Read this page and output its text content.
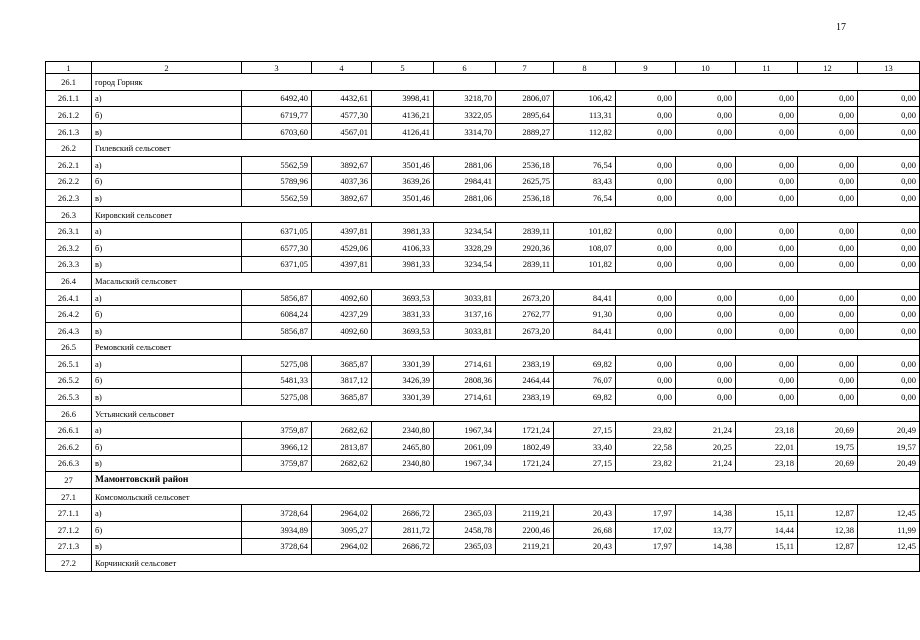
17
1	2	3	4	5	6	7	8	9	10	11	12	13
26.1	город Горняк											
26.1.1	а)	6492,40	4432,61	3998,41	3218,70	2806,07	106,42	0,00	0,00	0,00	0,00	0,00
26.1.2	б)	6719,77	4577,30	4136,21	3322,05	2895,64	113,31	0,00	0,00	0,00	0,00	0,00
26.1.3	в)	6703,60	4567,01	4126,41	3314,70	2889,27	112,82	0,00	0,00	0,00	0,00	0,00
26.2	Гилевский сельсовет											
26.2.1	а)	5562,59	3892,67	3501,46	2881,06	2536,18	76,54	0,00	0,00	0,00	0,00	0,00
26.2.2	б)	5789,96	4037,36	3639,26	2984,41	2625,75	83,43	0,00	0,00	0,00	0,00	0,00
26.2.3	в)	5562,59	3892,67	3501,46	2881,06	2536,18	76,54	0,00	0,00	0,00	0,00	0,00
26.3	Кировский сельсовет											
26.3.1	а)	6371,05	4397,81	3981,33	3234,54	2839,11	101,82	0,00	0,00	0,00	0,00	0,00
26.3.2	б)	6577,30	4529,06	4106,33	3328,29	2920,36	108,07	0,00	0,00	0,00	0,00	0,00
26.3.3	в)	6371,05	4397,81	3981,33	3234,54	2839,11	101,82	0,00	0,00	0,00	0,00	0,00
26.4	Масальский сельсовет											
26.4.1	а)	5856,87	4092,60	3693,53	3033,81	2673,20	84,41	0,00	0,00	0,00	0,00	0,00
26.4.2	б)	6084,24	4237,29	3831,33	3137,16	2762,77	91,30	0,00	0,00	0,00	0,00	0,00
26.4.3	в)	5856,87	4092,60	3693,53	3033,81	2673,20	84,41	0,00	0,00	0,00	0,00	0,00
26.5	Ремовский сельсовет											
26.5.1	а)	5275,08	3685,87	3301,39	2714,61	2383,19	69,82	0,00	0,00	0,00	0,00	0,00
26.5.2	б)	5481,33	3817,12	3426,39	2808,36	2464,44	76,07	0,00	0,00	0,00	0,00	0,00
26.5.3	в)	5275,08	3685,87	3301,39	2714,61	2383,19	69,82	0,00	0,00	0,00	0,00	0,00
26.6	Устьянский сельсовет											
26.6.1	а)	3759,87	2682,62	2340,80	1967,34	1721,24	27,15	23,82	21,24	23,18	20,69	20,49
26.6.2	б)	3966,12	2813,87	2465,80	2061,09	1802,49	33,40	22,58	20,25	22,01	19,75	19,57
26.6.3	в)	3759,87	2682,62	2340,80	1967,34	1721,24	27,15	23,82	21,24	23,18	20,69	20,49
27	Мамонтовский район											
27.1	Комсомольский сельсовет											
27.1.1	а)	3728,64	2964,02	2686,72	2365,03	2119,21	20,43	17,97	14,38	15,11	12,87	12,45
27.1.2	б)	3934,89	3095,27	2811,72	2458,78	2200,46	26,68	17,02	13,77	14,44	12,38	11,99
27.1.3	в)	3728,64	2964,02	2686,72	2365,03	2119,21	20,43	17,97	14,38	15,11	12,87	12,45
27.2	Корчинский сельсовет											
